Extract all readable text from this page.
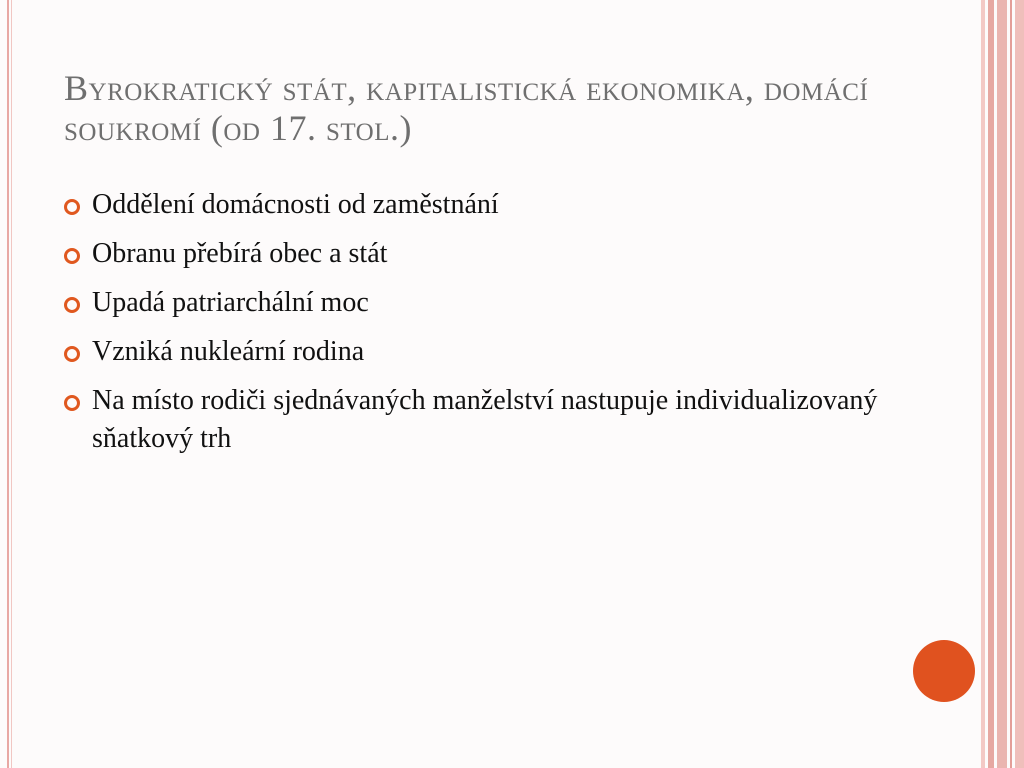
Byrokratický stát, kapitalistická ekonomika, domácí soukromí (od 17. stol.)
Oddělení domácnosti od zaměstnání
Obranu přebírá obec a stát
Upadá patriarchální moc
Vzniká nukleární rodina
Na místo rodiči sjednávaných manželství nastupuje individualizovaný sňatkový trh
